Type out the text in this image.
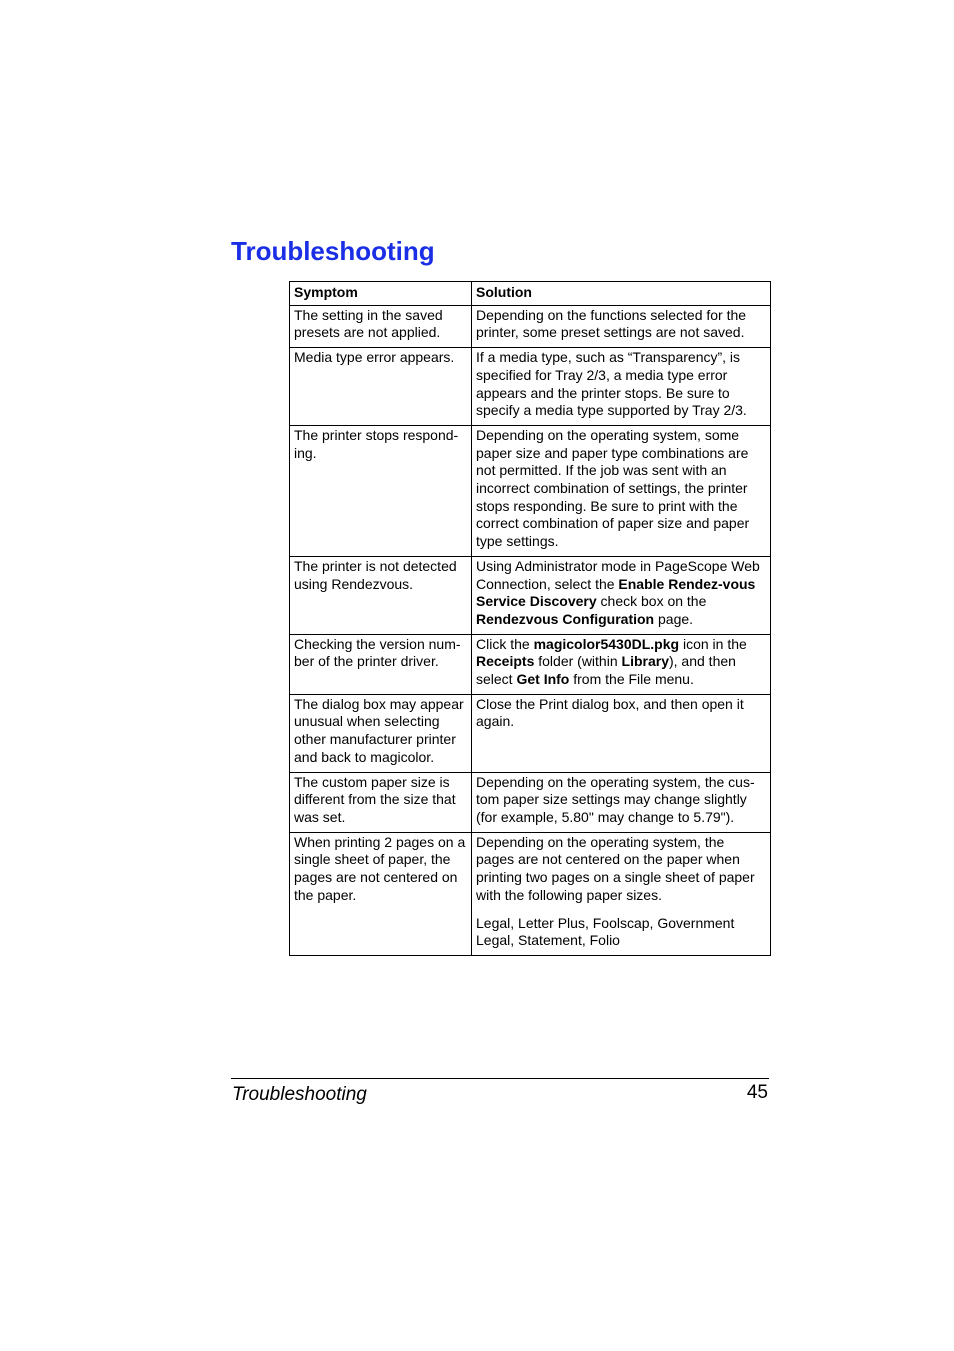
Troubleshooting
Symptom	Solution
The setting in the saved presets are not applied.	Depending on the functions selected for the printer, some preset settings are not saved.
Media type error appears.	If a media type, such as “Transparency”, is specified for Tray 2/3, a media type error appears and the printer stops. Be sure to specify a media type supported by Tray 2/3.
The printer stops respond-ing.	Depending on the operating system, some paper size and paper type combinations are not permitted. If the job was sent with an incorrect combination of settings, the printer stops responding. Be sure to print with the correct combination of paper size and paper type settings.
The printer is not detected using Rendezvous.	Using Administrator mode in PageScope Web Connection, select the Enable Rendez-vous Service Discovery check box on the Rendezvous Configuration page.
Checking the version num-ber of the printer driver.	Click the magicolor5430DL.pkg icon in the Receipts folder (within Library), and then select Get Info from the File menu.
The dialog box may appear unusual when selecting other manufacturer printer and back to magicolor.	Close the Print dialog box, and then open it again.
The custom paper size is different from the size that was set.	Depending on the operating system, the cus-tom paper size settings may change slightly (for example, 5.80" may change to 5.79").
When printing 2 pages on a single sheet of paper, the pages are not centered on the paper.	Depending on the operating system, the pages are not centered on the paper when printing two pages on a single sheet of paper with the following paper sizes.
Legal, Letter Plus, Foolscap, Government Legal, Statement, Folio
Troubleshooting	45
